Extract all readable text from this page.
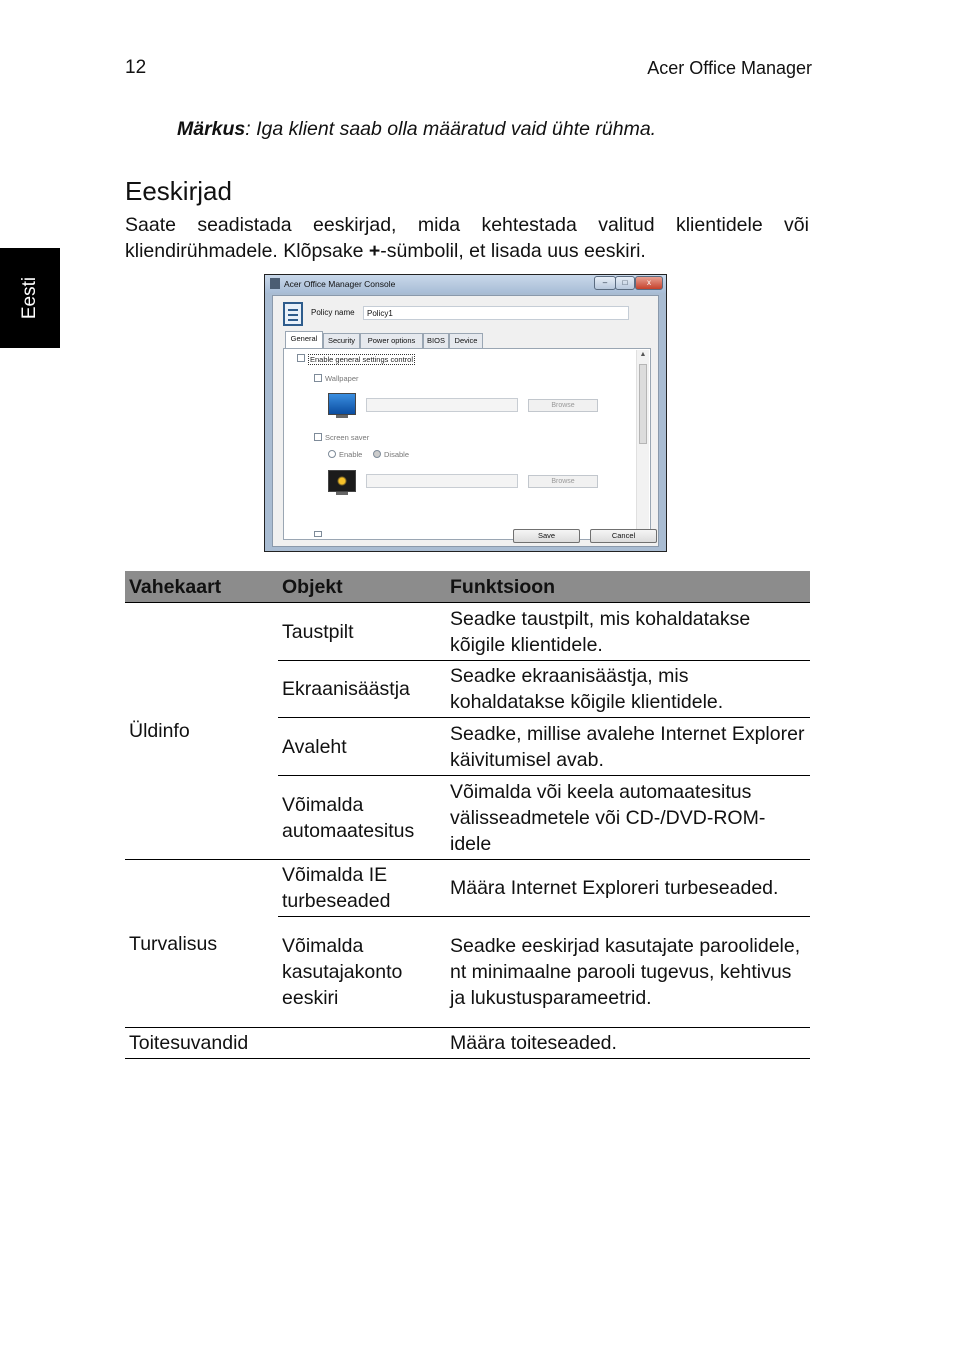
12	Acer Office Manager
Eesti
Märkus: Iga klient saab olla määratud vaid ühte rühma.
Eeskirjad
Saate seadistada eeskirjad, mida kehtestada valitud klientidele või kliendirühmadele. Klõpsake +-sümbolil, et lisada uus eeskiri.
Acer Office Manager Console	–	□	x
Policy name	Policy1
General	Security	Power options	BIOS	Device
Enable general settings control
Wallpaper
Browse
Screen saver
Enable	Disable
Browse
▲
Save	Cancel
Vahekaart	Objekt	Funktsioon
Üldinfo	Taustpilt	Seadke taustpilt, mis kohaldatakse kõigile klientidele.
	Ekraanisäästja	Seadke ekraanisäästja, mis kohaldatakse kõigile klientidele.
	Avaleht	Seadke, millise avalehe Internet Explorer käivitumisel avab.
	Võimalda automaatesitus	Võimalda või keela automaatesitus välisseadmetele või CD-/DVD-ROM-idele
Turvalisus	Võimalda IE turbeseaded	Määra Internet Exploreri turbeseaded.
	Võimalda kasutajakonto eeskiri	Seadke eeskirjad kasutajate paroolidele, nt minimaalne parooli tugevus, kehtivus ja lukustusparameetrid.
Toitesuvandid		Määra toiteseaded.
